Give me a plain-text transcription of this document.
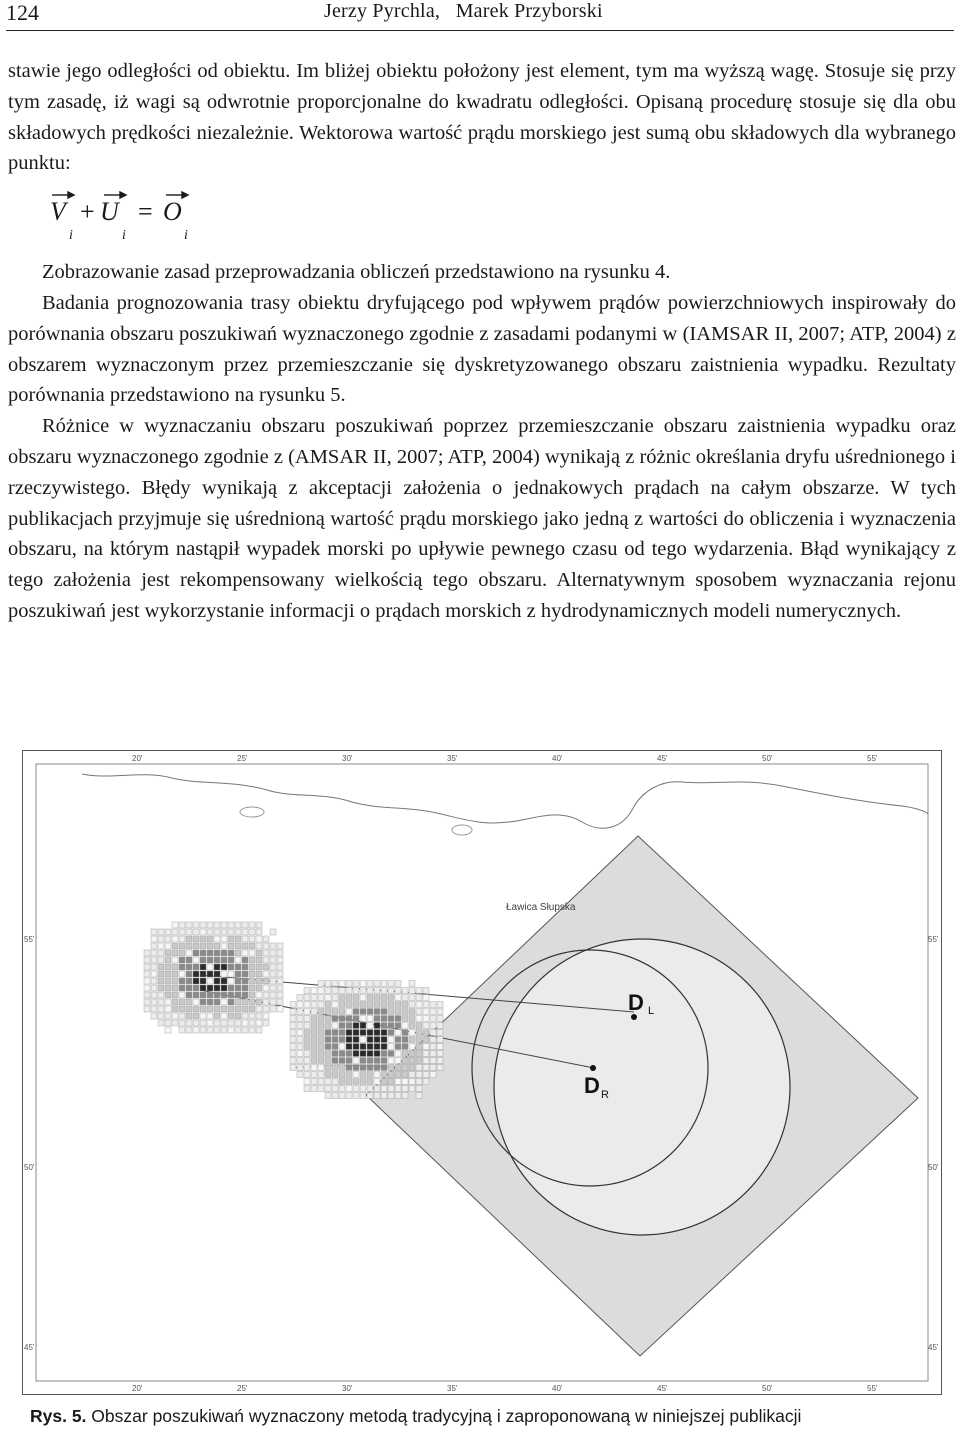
124	Jerzy Pyrchla,   Marek Przyborski

stawie jego odległości od obiektu. Im bliżej obiektu położony jest element, tym ma wyższą wagę. Stosuje się przy tym zasadę, iż wagi są odwrotnie proporcjonalne do kwadratu odległości. Opisaną procedurę stosuje się dla obu składowych prędkości niezależnie. Wektorowa wartość prądu morskiego jest sumą obu składowych dla wybranego punktu:

V
i
+ U
i
= O
i

Zobrazowanie zasad przeprowadzania obliczeń przedstawiono na rysunku 4.

Badania prognozowania trasy obiektu dryfującego pod wpływem prądów powierzchniowych inspirowały do porównania obszaru poszukiwań wyznaczonego zgodnie z zasadami podanymi w (IAMSAR II, 2007; ATP, 2004) z obszarem wyznaczonym przez przemieszczanie się dyskretyzowanego obszaru zaistnienia wypadku. Rezultaty porównania przedstawiono na rysunku 5.

Różnice w wyznaczaniu obszaru poszukiwań poprzez przemieszczanie obszaru zaistnienia wypadku oraz obszaru wyznaczonego zgodnie z (AMSAR II, 2007; ATP, 2004) wynikają z różnic określania dryfu uśrednionego i rzeczywistego. Błędy wynikają z akceptacji założenia o jednakowych prądach na całym obszarze. W tych publikacjach przyjmuje się uśrednioną wartość prądu morskiego jako jedną z wartości do obliczenia i wyznaczenia obszaru, na którym nastąpił wypadek morski po upływie pewnego czasu od tego wydarzenia. Błąd wynikający z tego założenia jest rekompensowany wielkością tego obszaru. Alternatywnym sposobem wyznaczania rejonu poszukiwań jest wykorzystanie informacji o prądach morskich z hydrodynamicznych modeli numerycznych.

20'	25'	30'	35'	40'	45'	50'	55'
20'	25'	30'	35'	40'	45'	50'	55'
55'	55'
50'	50'
45'	45'
Ławica Słupska
D L
D R
Rys. 5. Obszar poszukiwań wyznaczony metodą tradycyjną i zaproponowaną w niniejszej publikacji
